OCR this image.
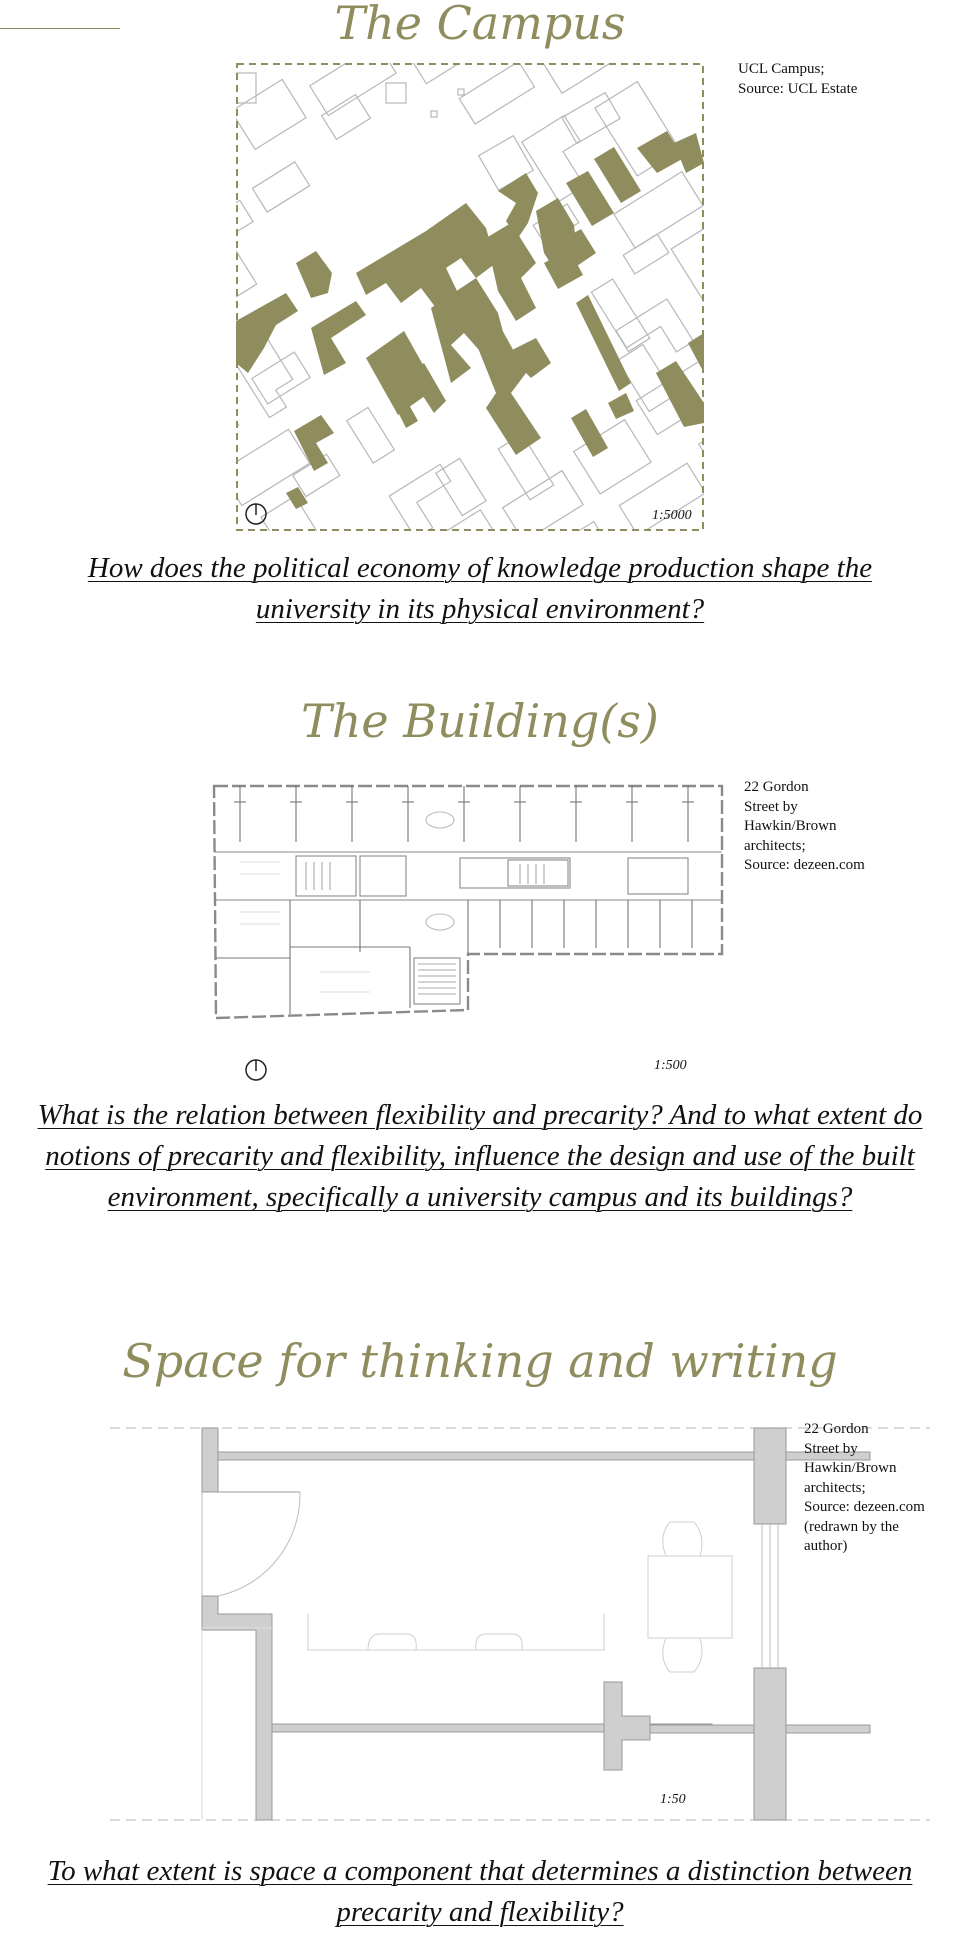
The Campus
UCL Campus;
Source: UCL Estate
1:5000
How does the political economy of knowledge production shape the university in its physical environment?
The Building(s)
22 Gordon
Street by
Hawkin/Brown
architects;
Source: dezeen.com
1:500
What is the relation between flexibility and precarity? And to what extent do notions of precarity and flexibility, influence the design and use of the built environment, specifically a university campus and its buildings?
Space for thinking and writing
22 Gordon
Street by
Hawkin/Brown
architects;
Source: dezeen.com
(redrawn by the
author)
1:50
To what extent is space a component that determines a distinction between precarity and flexibility?
